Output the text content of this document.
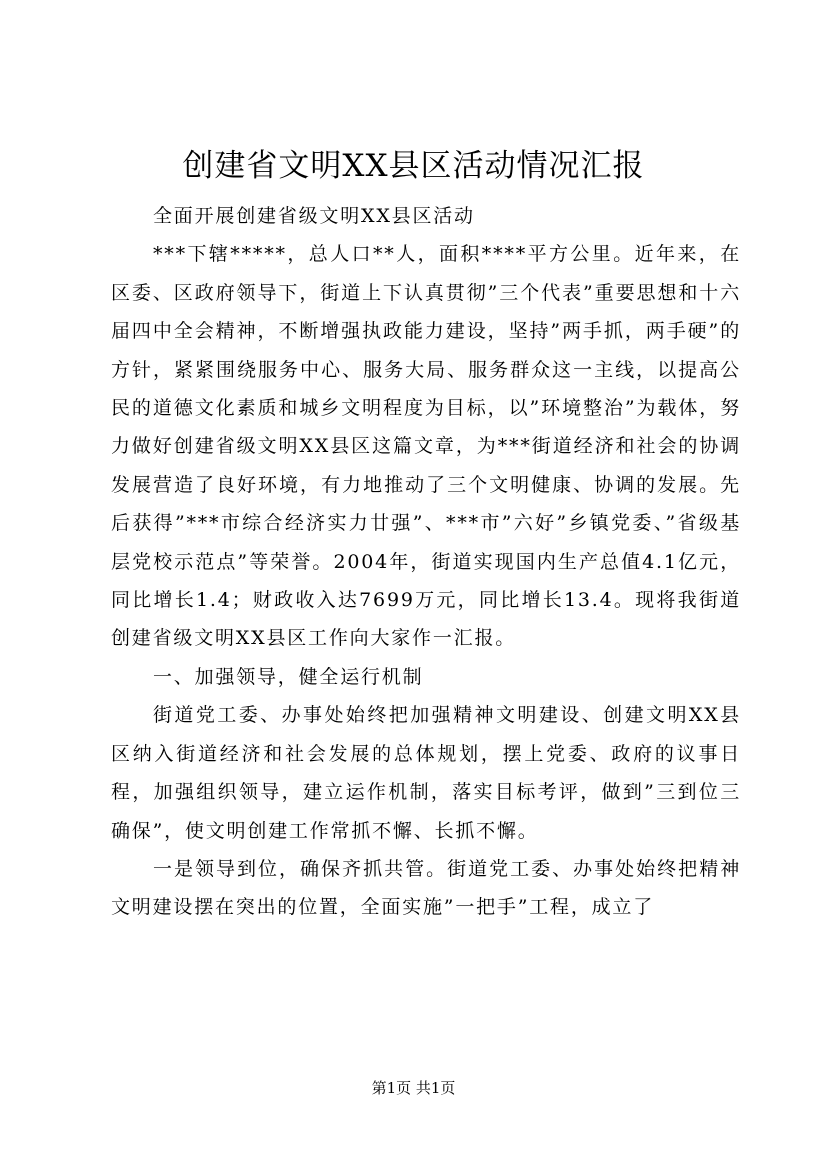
创建省文明XX县区活动情况汇报

全面开展创建省级文明XX县区活动

***下辖*****，总人口**人，面积****平方公里。近年来，在区委、区政府领导下，街道上下认真贯彻”三个代表”重要思想和十六届四中全会精神，不断增强执政能力建设，坚持”两手抓，两手硬”的方针，紧紧围绕服务中心、服务大局、服务群众这一主线，以提高公民的道德文化素质和城乡文明程度为目标，以”环境整治”为载体，努力做好创建省级文明XX县区这篇文章，为***街道经济和社会的协调发展营造了良好环境，有力地推动了三个文明健康、协调的发展。先后获得”***市综合经济实力廿强”、***市”六好”乡镇党委、”省级基层党校示范点”等荣誉。2004年，街道实现国内生产总值4.1亿元，同比增长1.4；财政收入达7699万元，同比增长13.4。现将我街道创建省级文明XX县区工作向大家作一汇报。

一、加强领导，健全运行机制

街道党工委、办事处始终把加强精神文明建设、创建文明XX县区纳入街道经济和社会发展的总体规划，摆上党委、政府的议事日程，加强组织领导，建立运作机制，落实目标考评，做到”三到位三确保”，使文明创建工作常抓不懈、长抓不懈。

一是领导到位，确保齐抓共管。街道党工委、办事处始终把精神文明建设摆在突出的位置，全面实施”一把手”工程，成立了

第1页 共1页
